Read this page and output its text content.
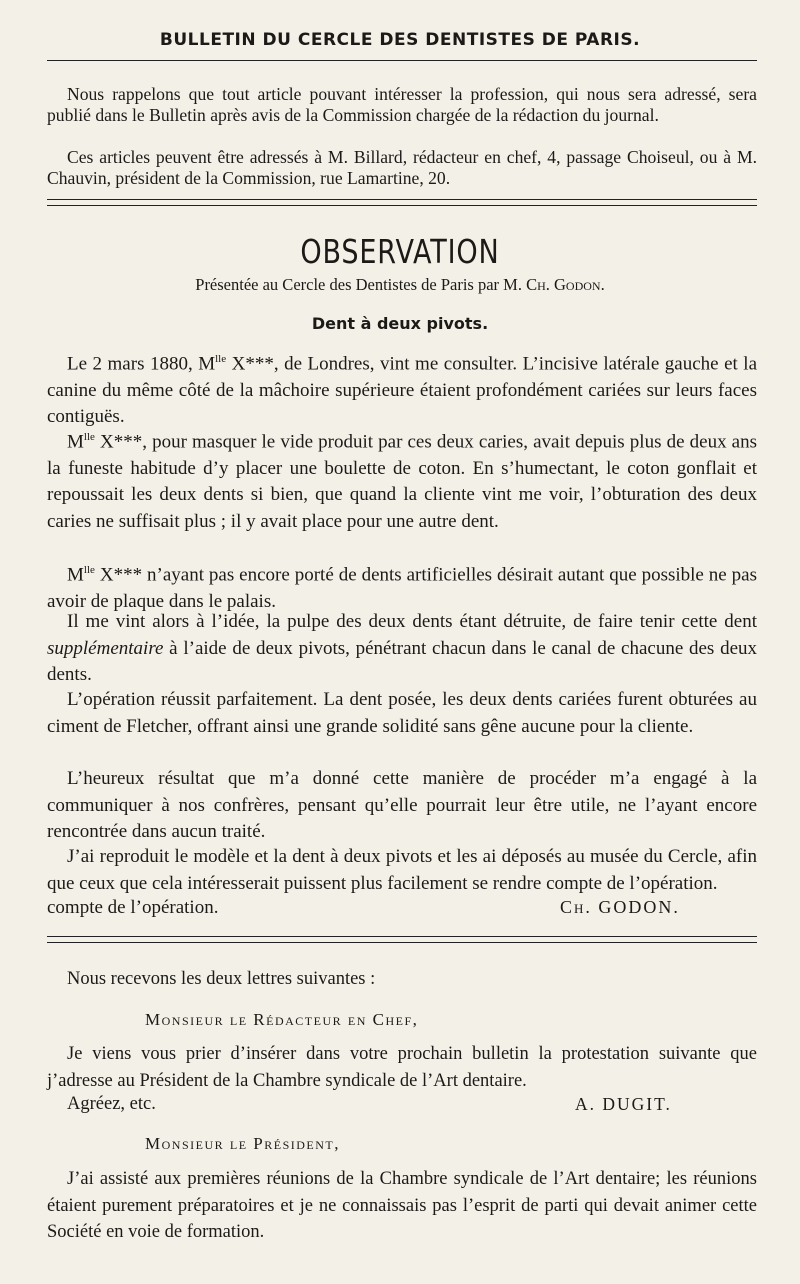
BULLETIN DU CERCLE DES DENTISTES DE PARIS.

Nous rappelons que tout article pouvant intéresser la profession, qui nous sera adressé, sera publié dans le Bulletin après avis de la Commission chargée de la rédaction du journal.

Ces articles peuvent être adressés à M. Billard, rédacteur en chef, 4, passage Choiseul, ou à M. Chauvin, président de la Commission, rue Lamartine, 20.

OBSERVATION
Présentée au Cercle des Dentistes de Paris par M. Ch. Godon.
Dent à deux pivots.

Le 2 mars 1880, $M^{lle}$ X***, de Londres, vint me consulter. L’incisive latérale gauche et la canine du même côté de la mâchoire supérieure étaient profondément cariées sur leurs faces contiguës.

$M^{lle}$ X***, pour masquer le vide produit par ces deux caries, avait depuis plus de deux ans la funeste habitude d’y placer une boulette de coton. En s’humectant, le coton gonflait et repoussait les deux dents si bien, que quand la cliente vint me voir, l’obturation des deux caries ne suffisait plus ; il y avait place pour une autre dent.

$M^{lle}$ X*** n’ayant pas encore porté de dents artificielles désirait autant que possible ne pas avoir de plaque dans le palais.

Il me vint alors à l’idée, la pulpe des deux dents étant détruite, de faire tenir cette dent supplémentaire à l’aide de deux pivots, pénétrant chacun dans le canal de chacune des deux dents.

L’opération réussit parfaitement. La dent posée, les deux dents cariées furent obturées au ciment de Fletcher, offrant ainsi une grande solidité sans gêne aucune pour la cliente.

L’heureux résultat que m’a donné cette manière de procéder m’a engagé à la communiquer à nos confrères, pensant qu’elle pourrait leur être utile, ne l’ayant encore rencontrée dans aucun traité.

J’ai reproduit le modèle et la dent à deux pivots et les ai déposés au musée du Cercle, afin que ceux que cela intéresserait puissent plus facilement se rendre compte de l’opération.

compte de l’opération.	Ch. GODON.
Nous recevons les deux lettres suivantes :
Monsieur le Rédacteur en Chef,

Je viens vous prier d’insérer dans votre prochain bulletin la protestation suivante que j’adresse au Président de la Chambre syndicale de l’Art dentaire.

Agréez, etc.	A. DUGIT.
Monsieur le Président,

J’ai assisté aux premières réunions de la Chambre syndicale de l’Art dentaire; les réunions étaient purement préparatoires et je ne connaissais pas l’esprit de parti qui devait animer cette Société en voie de formation.
